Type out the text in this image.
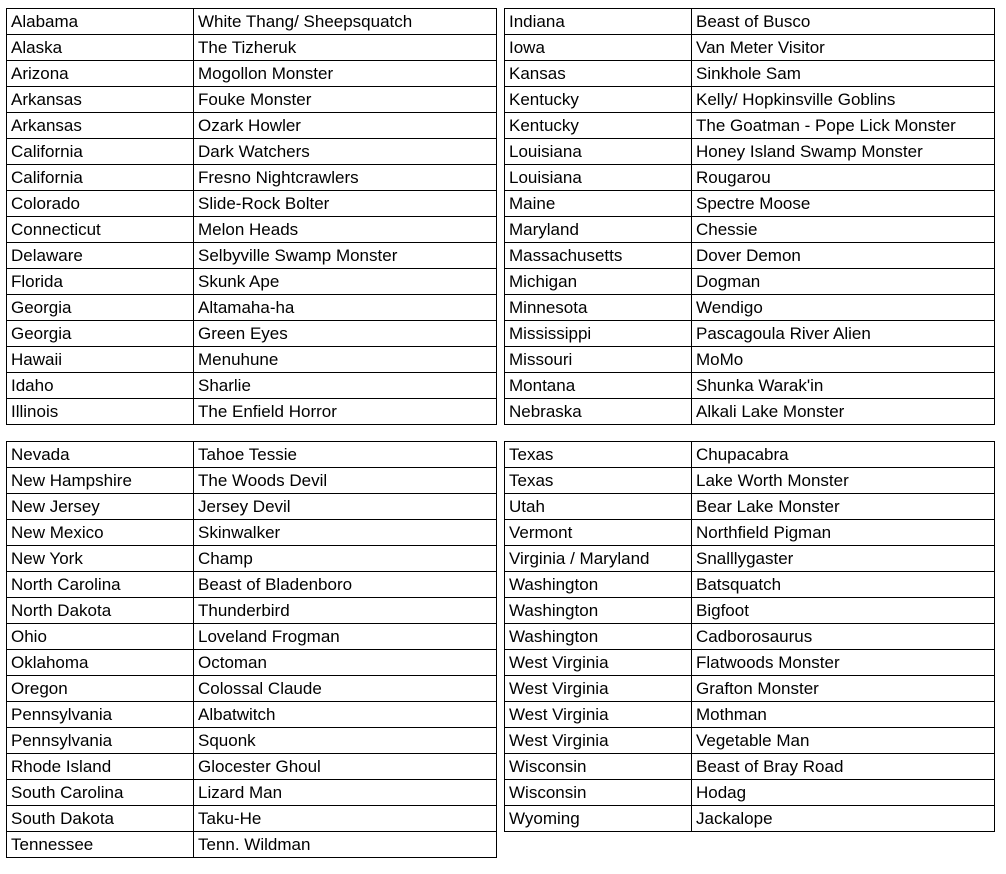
Alabama	White Thang/ Sheepsquatch
Alaska	The Tizheruk
Arizona	Mogollon Monster
Arkansas	Fouke Monster
Arkansas	Ozark Howler
California	Dark Watchers
California	Fresno Nightcrawlers
Colorado	Slide-Rock Bolter
Connecticut	Melon Heads
Delaware	Selbyville Swamp Monster
Florida	Skunk Ape
Georgia	Altamaha-ha
Georgia	Green Eyes
Hawaii	Menuhune
Idaho	Sharlie
Illinois	The Enfield Horror
Indiana	Beast of Busco
Iowa	Van Meter Visitor
Kansas	Sinkhole Sam
Kentucky	Kelly/ Hopkinsville Goblins
Kentucky	The Goatman - Pope Lick Monster
Louisiana	Honey Island Swamp Monster
Louisiana	Rougarou
Maine	Spectre Moose
Maryland	Chessie
Massachusetts	Dover Demon
Michigan	Dogman
Minnesota	Wendigo
Mississippi	Pascagoula River Alien
Missouri	MoMo
Montana	Shunka Warak'in
Nebraska	Alkali Lake Monster
Nevada	Tahoe Tessie
New Hampshire	The Woods Devil
New Jersey	Jersey Devil
New Mexico	Skinwalker
New York	Champ
North Carolina	Beast of Bladenboro
North Dakota	Thunderbird
Ohio	Loveland Frogman
Oklahoma	Octoman
Oregon	Colossal Claude
Pennsylvania	Albatwitch
Pennsylvania	Squonk
Rhode Island	Glocester Ghoul
South Carolina	Lizard Man
South Dakota	Taku-He
Tennessee	Tenn. Wildman
Texas	Chupacabra
Texas	Lake Worth Monster
Utah	Bear Lake Monster
Vermont	Northfield Pigman
Virginia / Maryland	Snalllygaster
Washington	Batsquatch
Washington	Bigfoot
Washington	Cadborosaurus
West Virginia	Flatwoods Monster
West Virginia	Grafton Monster
West Virginia	Mothman
West Virginia	Vegetable Man
Wisconsin	Beast of Bray Road
Wisconsin	Hodag
Wyoming	Jackalope
